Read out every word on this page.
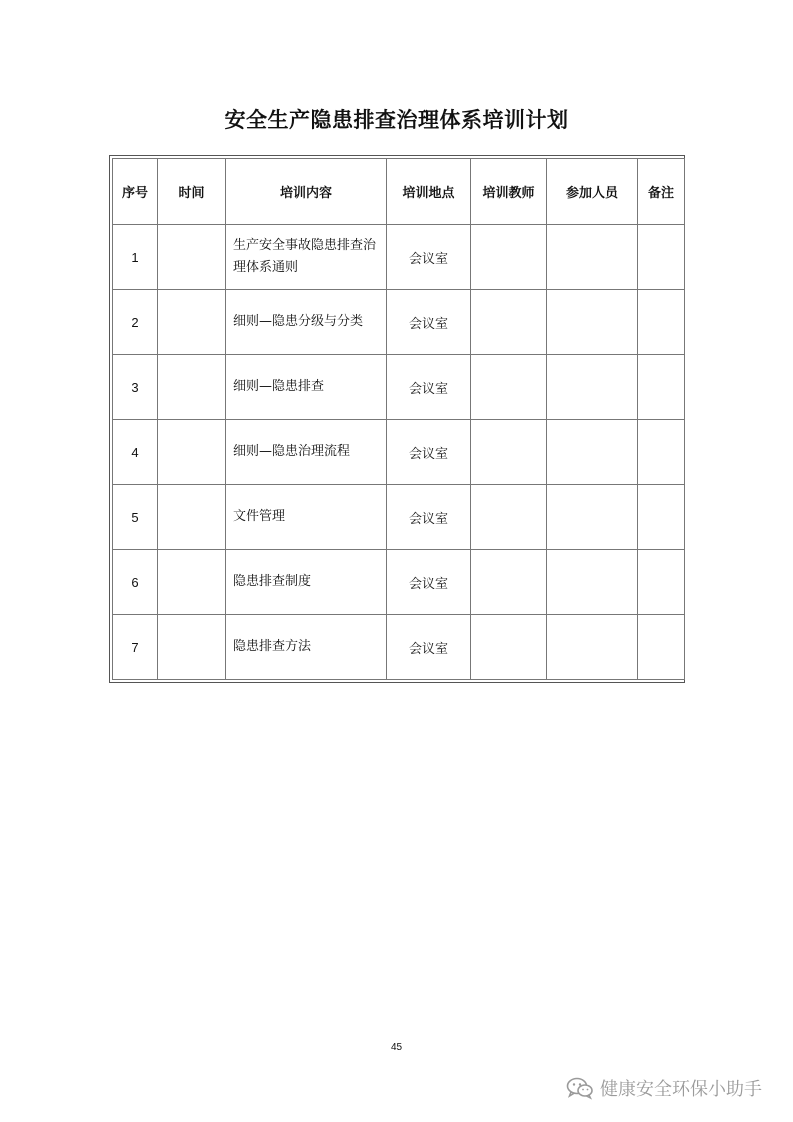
安全生产隐患排查治理体系培训计划
序号	时间	培训内容	培训地点	培训教师	参加人员	备注
1		生产安全事故隐患排查治理体系通则	会议室			
2		细则—隐患分级与分类	会议室			
3		细则—隐患排查	会议室			
4		细则—隐患治理流程	会议室			
5		文件管理	会议室			
6		隐患排查制度	会议室			
7		隐患排查方法	会议室			
45
健康安全环保小助手
